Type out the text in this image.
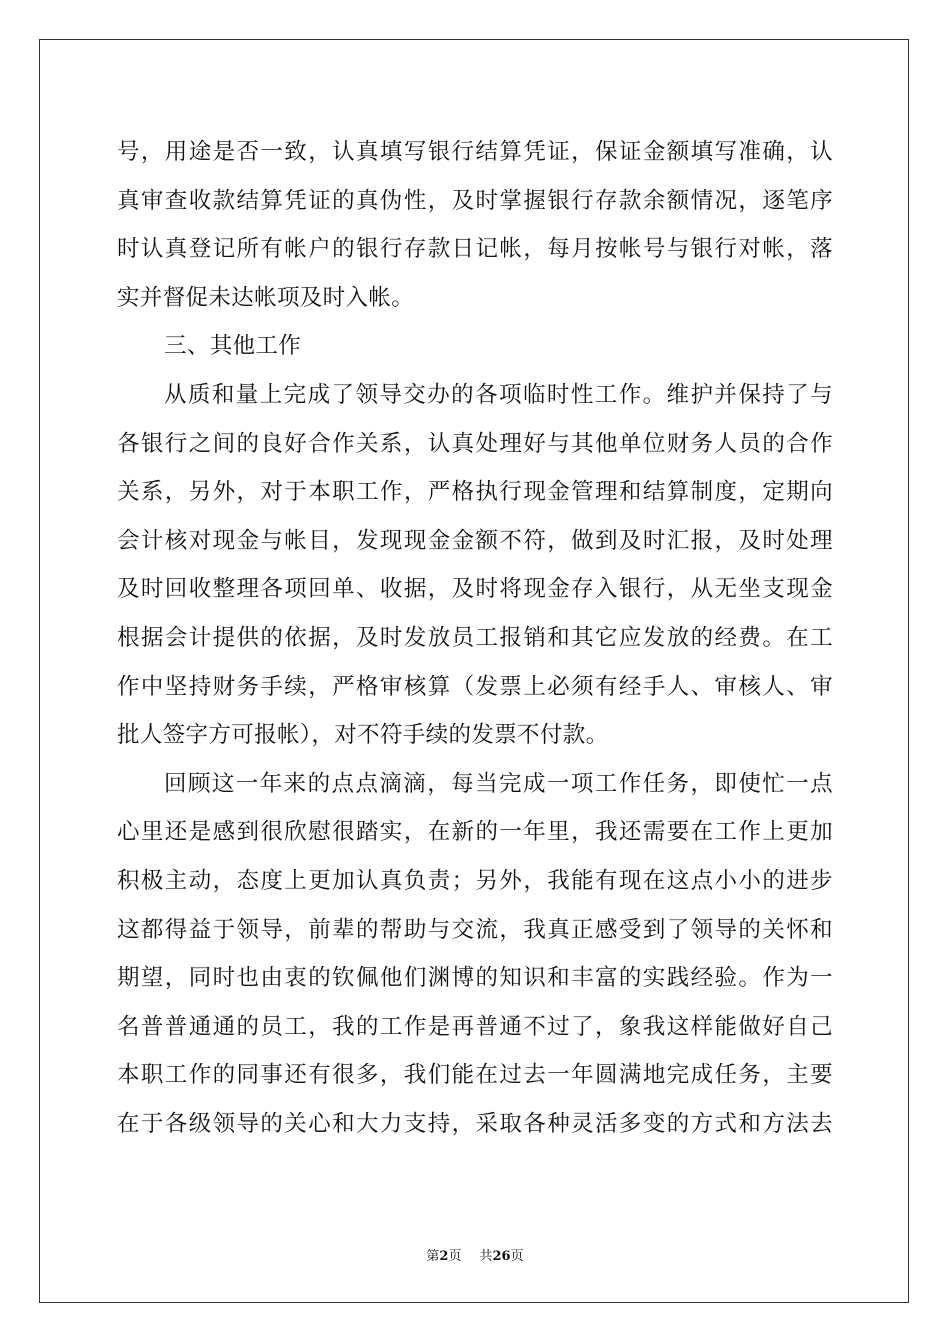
号，用途是否一致，认真填写银行结算凭证，保证金额填写准确，认
真审查收款结算凭证的真伪性，及时掌握银行存款余额情况，逐笔序
时认真登记所有帐户的银行存款日记帐，每月按帐号与银行对帐，落
实并督促未达帐项及时入帐。
三、其他工作
从质和量上完成了领导交办的各项临时性工作。维护并保持了与
各银行之间的良好合作关系，认真处理好与其他单位财务人员的合作
关系，另外，对于本职工作，严格执行现金管理和结算制度，定期向
会计核对现金与帐目，发现现金金额不符，做到及时汇报，及时处理
及时回收整理各项回单、收据，及时将现金存入银行，从无坐支现金
根据会计提供的依据，及时发放员工报销和其它应发放的经费。在工
作中坚持财务手续，严格审核算（发票上必须有经手人、审核人、审
批人签字方可报帐），对不符手续的发票不付款。
回顾这一年来的点点滴滴，每当完成一项工作任务，即使忙一点
心里还是感到很欣慰很踏实，在新的一年里，我还需要在工作上更加
积极主动，态度上更加认真负责；另外，我能有现在这点小小的进步
这都得益于领导，前辈的帮助与交流，我真正感受到了领导的关怀和
期望，同时也由衷的钦佩他们渊博的知识和丰富的实践经验。作为一
名普普通通的员工，我的工作是再普通不过了，象我这样能做好自己
本职工作的同事还有很多，我们能在过去一年圆满地完成任务，主要
在于各级领导的关心和大力支持，采取各种灵活多变的方式和方法去
第2页 共26页
